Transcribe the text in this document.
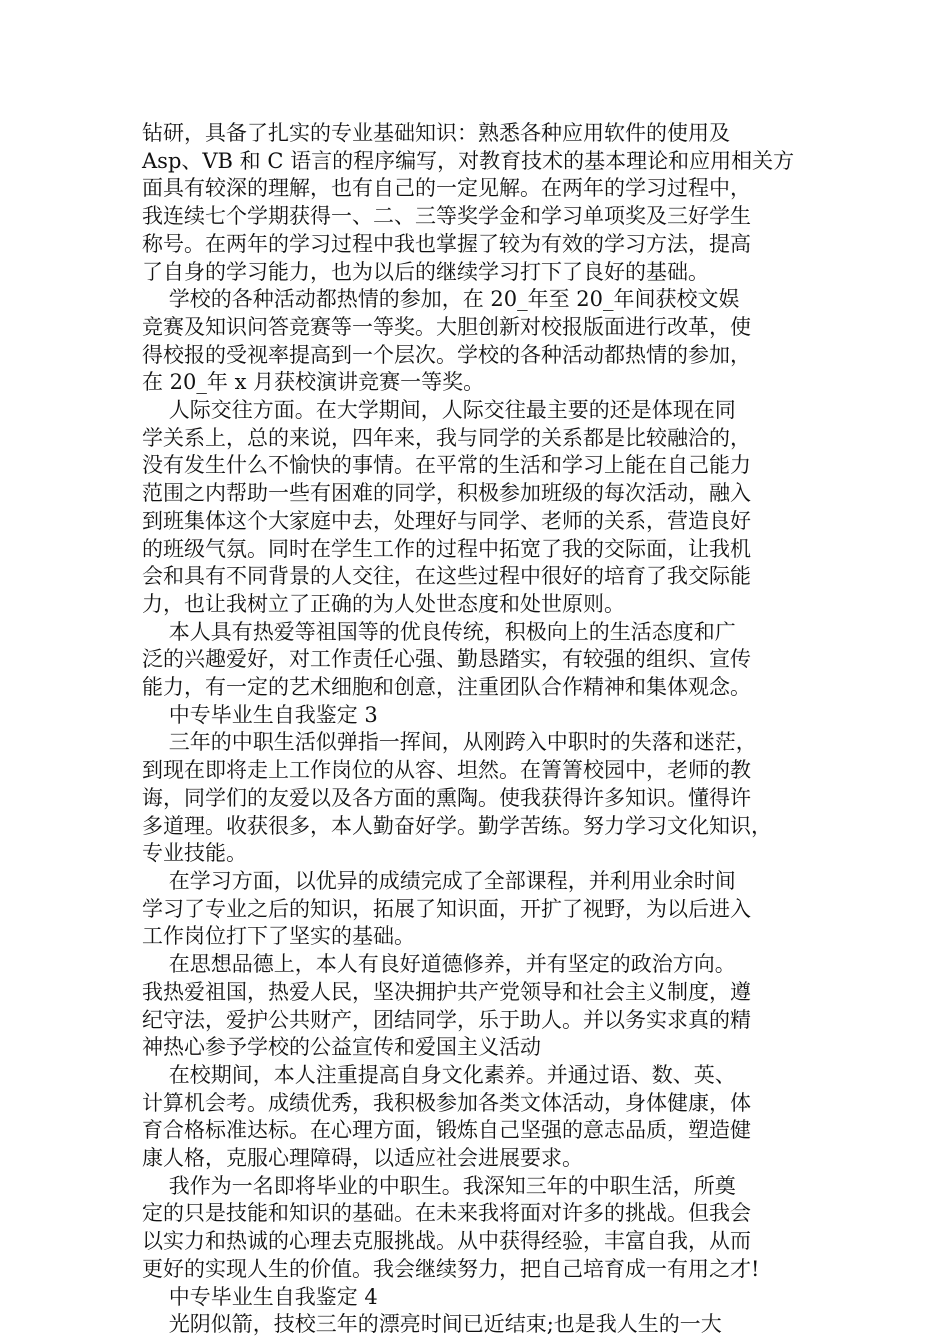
钻研，具备了扎实的专业基础知识：熟悉各种应用软件的使用及
Asp、VB 和 C 语言的程序编写，对教育技术的基本理论和应用相关方
面具有较深的理解，也有自己的一定见解。在两年的学习过程中，
我连续七个学期获得一、二、三等奖学金和学习单项奖及三好学生
称号。在两年的学习过程中我也掌握了较为有效的学习方法，提高
了自身的学习能力，也为以后的继续学习打下了良好的基础。
学校的各种活动都热情的参加，在 20_年至 20_年间获校文娱
竞赛及知识问答竞赛等一等奖。大胆创新对校报版面进行改革，使
得校报的受视率提高到一个层次。学校的各种活动都热情的参加，
在 20_年 x 月获校演讲竞赛一等奖。
人际交往方面。在大学期间，人际交往最主要的还是体现在同
学关系上，总的来说，四年来，我与同学的关系都是比较融洽的，
没有发生什么不愉快的事情。在平常的生活和学习上能在自己能力
范围之内帮助一些有困难的同学，积极参加班级的每次活动，融入
到班集体这个大家庭中去，处理好与同学、老师的关系，营造良好
的班级气氛。同时在学生工作的过程中拓宽了我的交际面，让我机
会和具有不同背景的人交往，在这些过程中很好的培育了我交际能
力，也让我树立了正确的为人处世态度和处世原则。
本人具有热爱等祖国等的优良传统，积极向上的生活态度和广
泛的兴趣爱好，对工作责任心强、勤恳踏实，有较强的组织、宣传
能力，有一定的艺术细胞和创意，注重团队合作精神和集体观念。
中专毕业生自我鉴定 3
三年的中职生活似弹指一挥间，从刚跨入中职时的失落和迷茫，
到现在即将走上工作岗位的从容、坦然。在箐箐校园中，老师的教
诲，同学们的友爱以及各方面的熏陶。使我获得许多知识。懂得许
多道理。收获很多，本人勤奋好学。勤学苦练。努力学习文化知识，
专业技能。
在学习方面，以优异的成绩完成了全部课程，并利用业余时间
学习了专业之后的知识，拓展了知识面，开扩了视野，为以后进入
工作岗位打下了坚实的基础。
在思想品德上，本人有良好道德修养，并有坚定的政治方向。
我热爱祖国，热爱人民，坚决拥护共产党领导和社会主义制度，遵
纪守法，爱护公共财产，团结同学，乐于助人。并以务实求真的精
神热心参予学校的公益宣传和爱国主义活动
在校期间，本人注重提高自身文化素养。并通过语、数、英、
计算机会考。成绩优秀，我积极参加各类文体活动，身体健康，体
育合格标准达标。在心理方面，锻炼自己坚强的意志品质，塑造健
康人格，克服心理障碍，以适应社会进展要求。
我作为一名即将毕业的中职生。我深知三年的中职生活，所奠
定的只是技能和知识的基础。在未来我将面对许多的挑战。但我会
以实力和热诚的心理去克服挑战。从中获得经验，丰富自我，从而
更好的实现人生的价值。我会继续努力，把自己培育成一有用之才!
中专毕业生自我鉴定 4
光阴似箭，技校三年的漂亮时间已近结束;也是我人生的一大
